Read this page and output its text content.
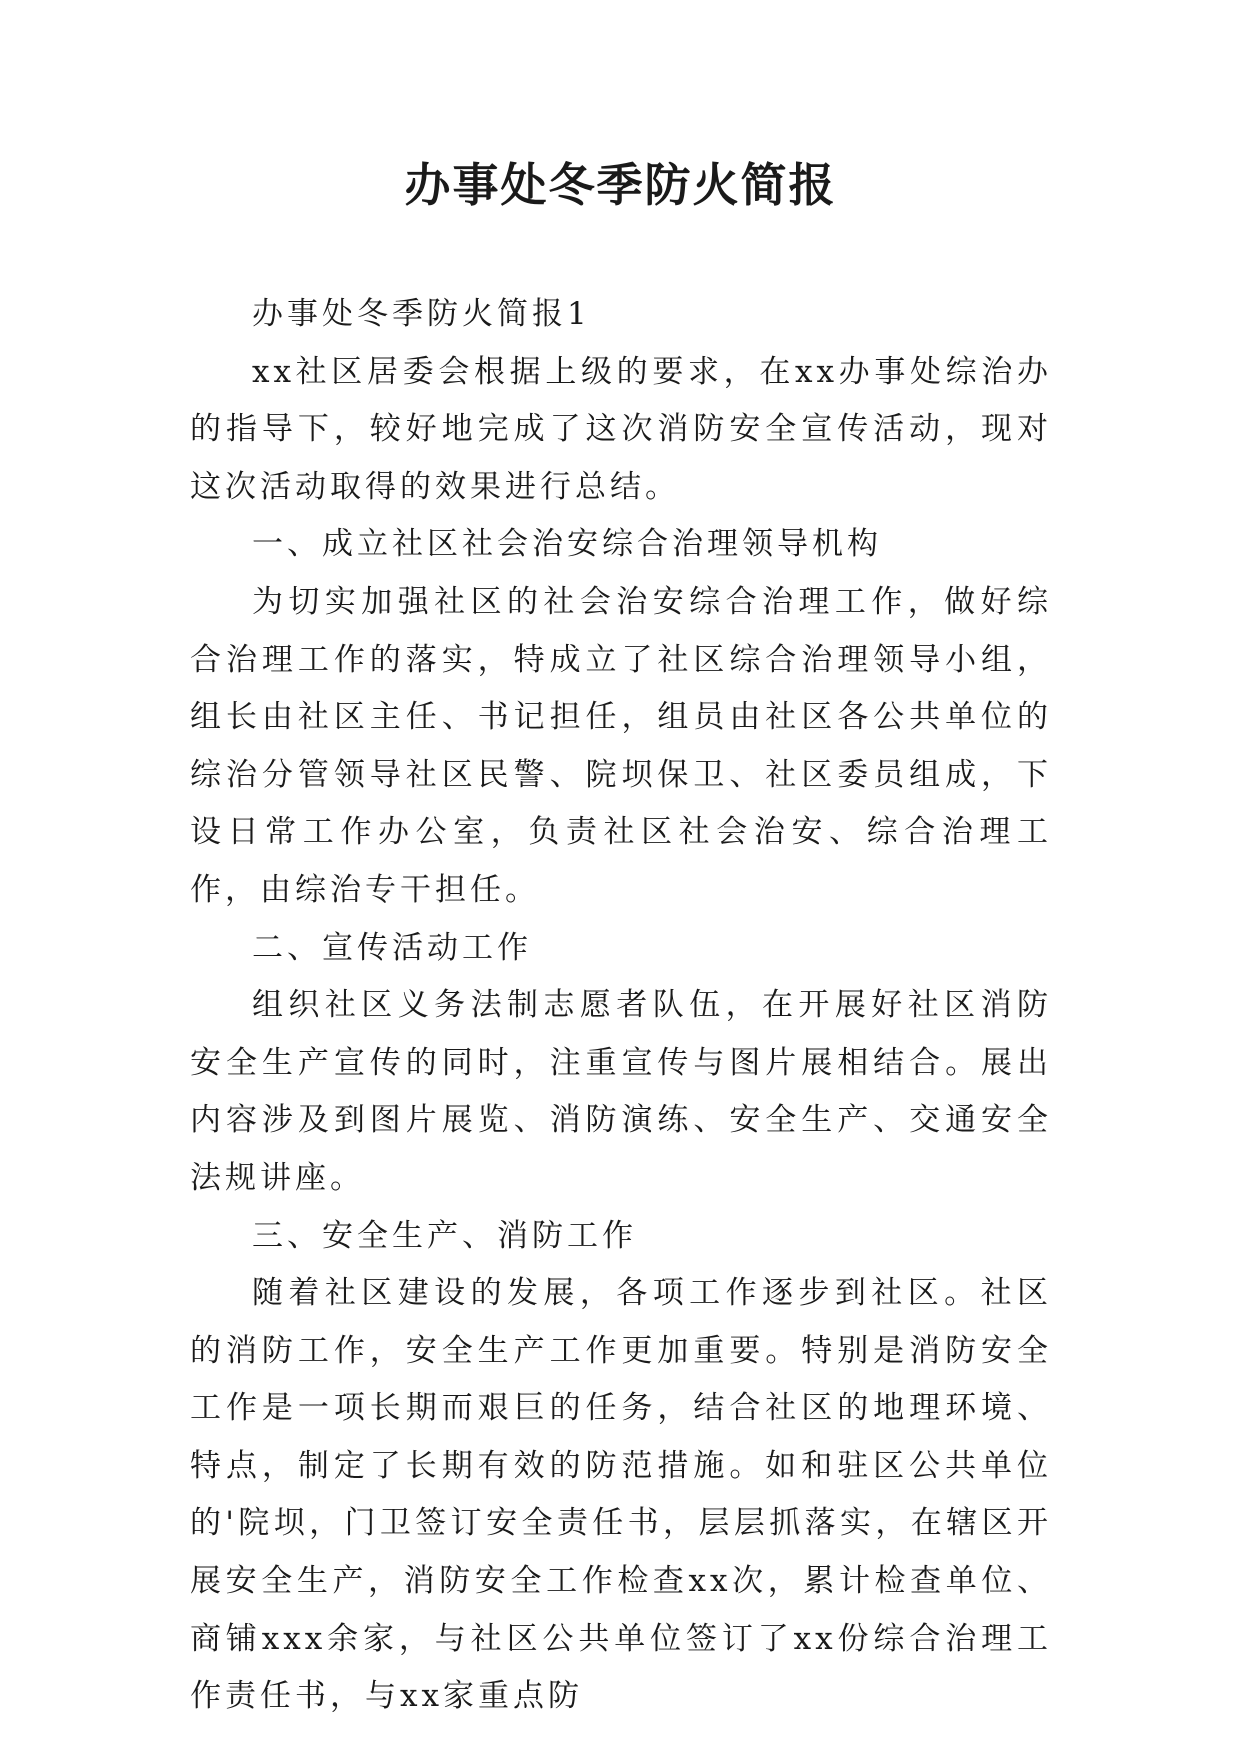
办事处冬季防火简报

办事处冬季防火简报1

xx社区居委会根据上级的要求，在xx办事处综治办的指导下，较好地完成了这次消防安全宣传活动，现对这次活动取得的效果进行总结。

一、成立社区社会治安综合治理领导机构

为切实加强社区的社会治安综合治理工作，做好综合治理工作的落实，特成立了社区综合治理领导小组，组长由社区主任、书记担任，组员由社区各公共单位的综治分管领导社区民警、院坝保卫、社区委员组成，下设日常工作办公室，负责社区社会治安、综合治理工作，由综治专干担任。

二、宣传活动工作

组织社区义务法制志愿者队伍，在开展好社区消防安全生产宣传的同时，注重宣传与图片展相结合。展出内容涉及到图片展览、消防演练、安全生产、交通安全法规讲座。

三、安全生产、消防工作

随着社区建设的发展，各项工作逐步到社区。社区的消防工作，安全生产工作更加重要。特别是消防安全工作是一项长期而艰巨的任务，结合社区的地理环境、特点，制定了长期有效的防范措施。如和驻区公共单位的'院坝，门卫签订安全责任书，层层抓落实，在辖区开展安全生产，消防安全工作检查xx次，累计检查单位、商铺xxx余家，与社区公共单位签订了xx份综合治理工作责任书，与xx家重点防
